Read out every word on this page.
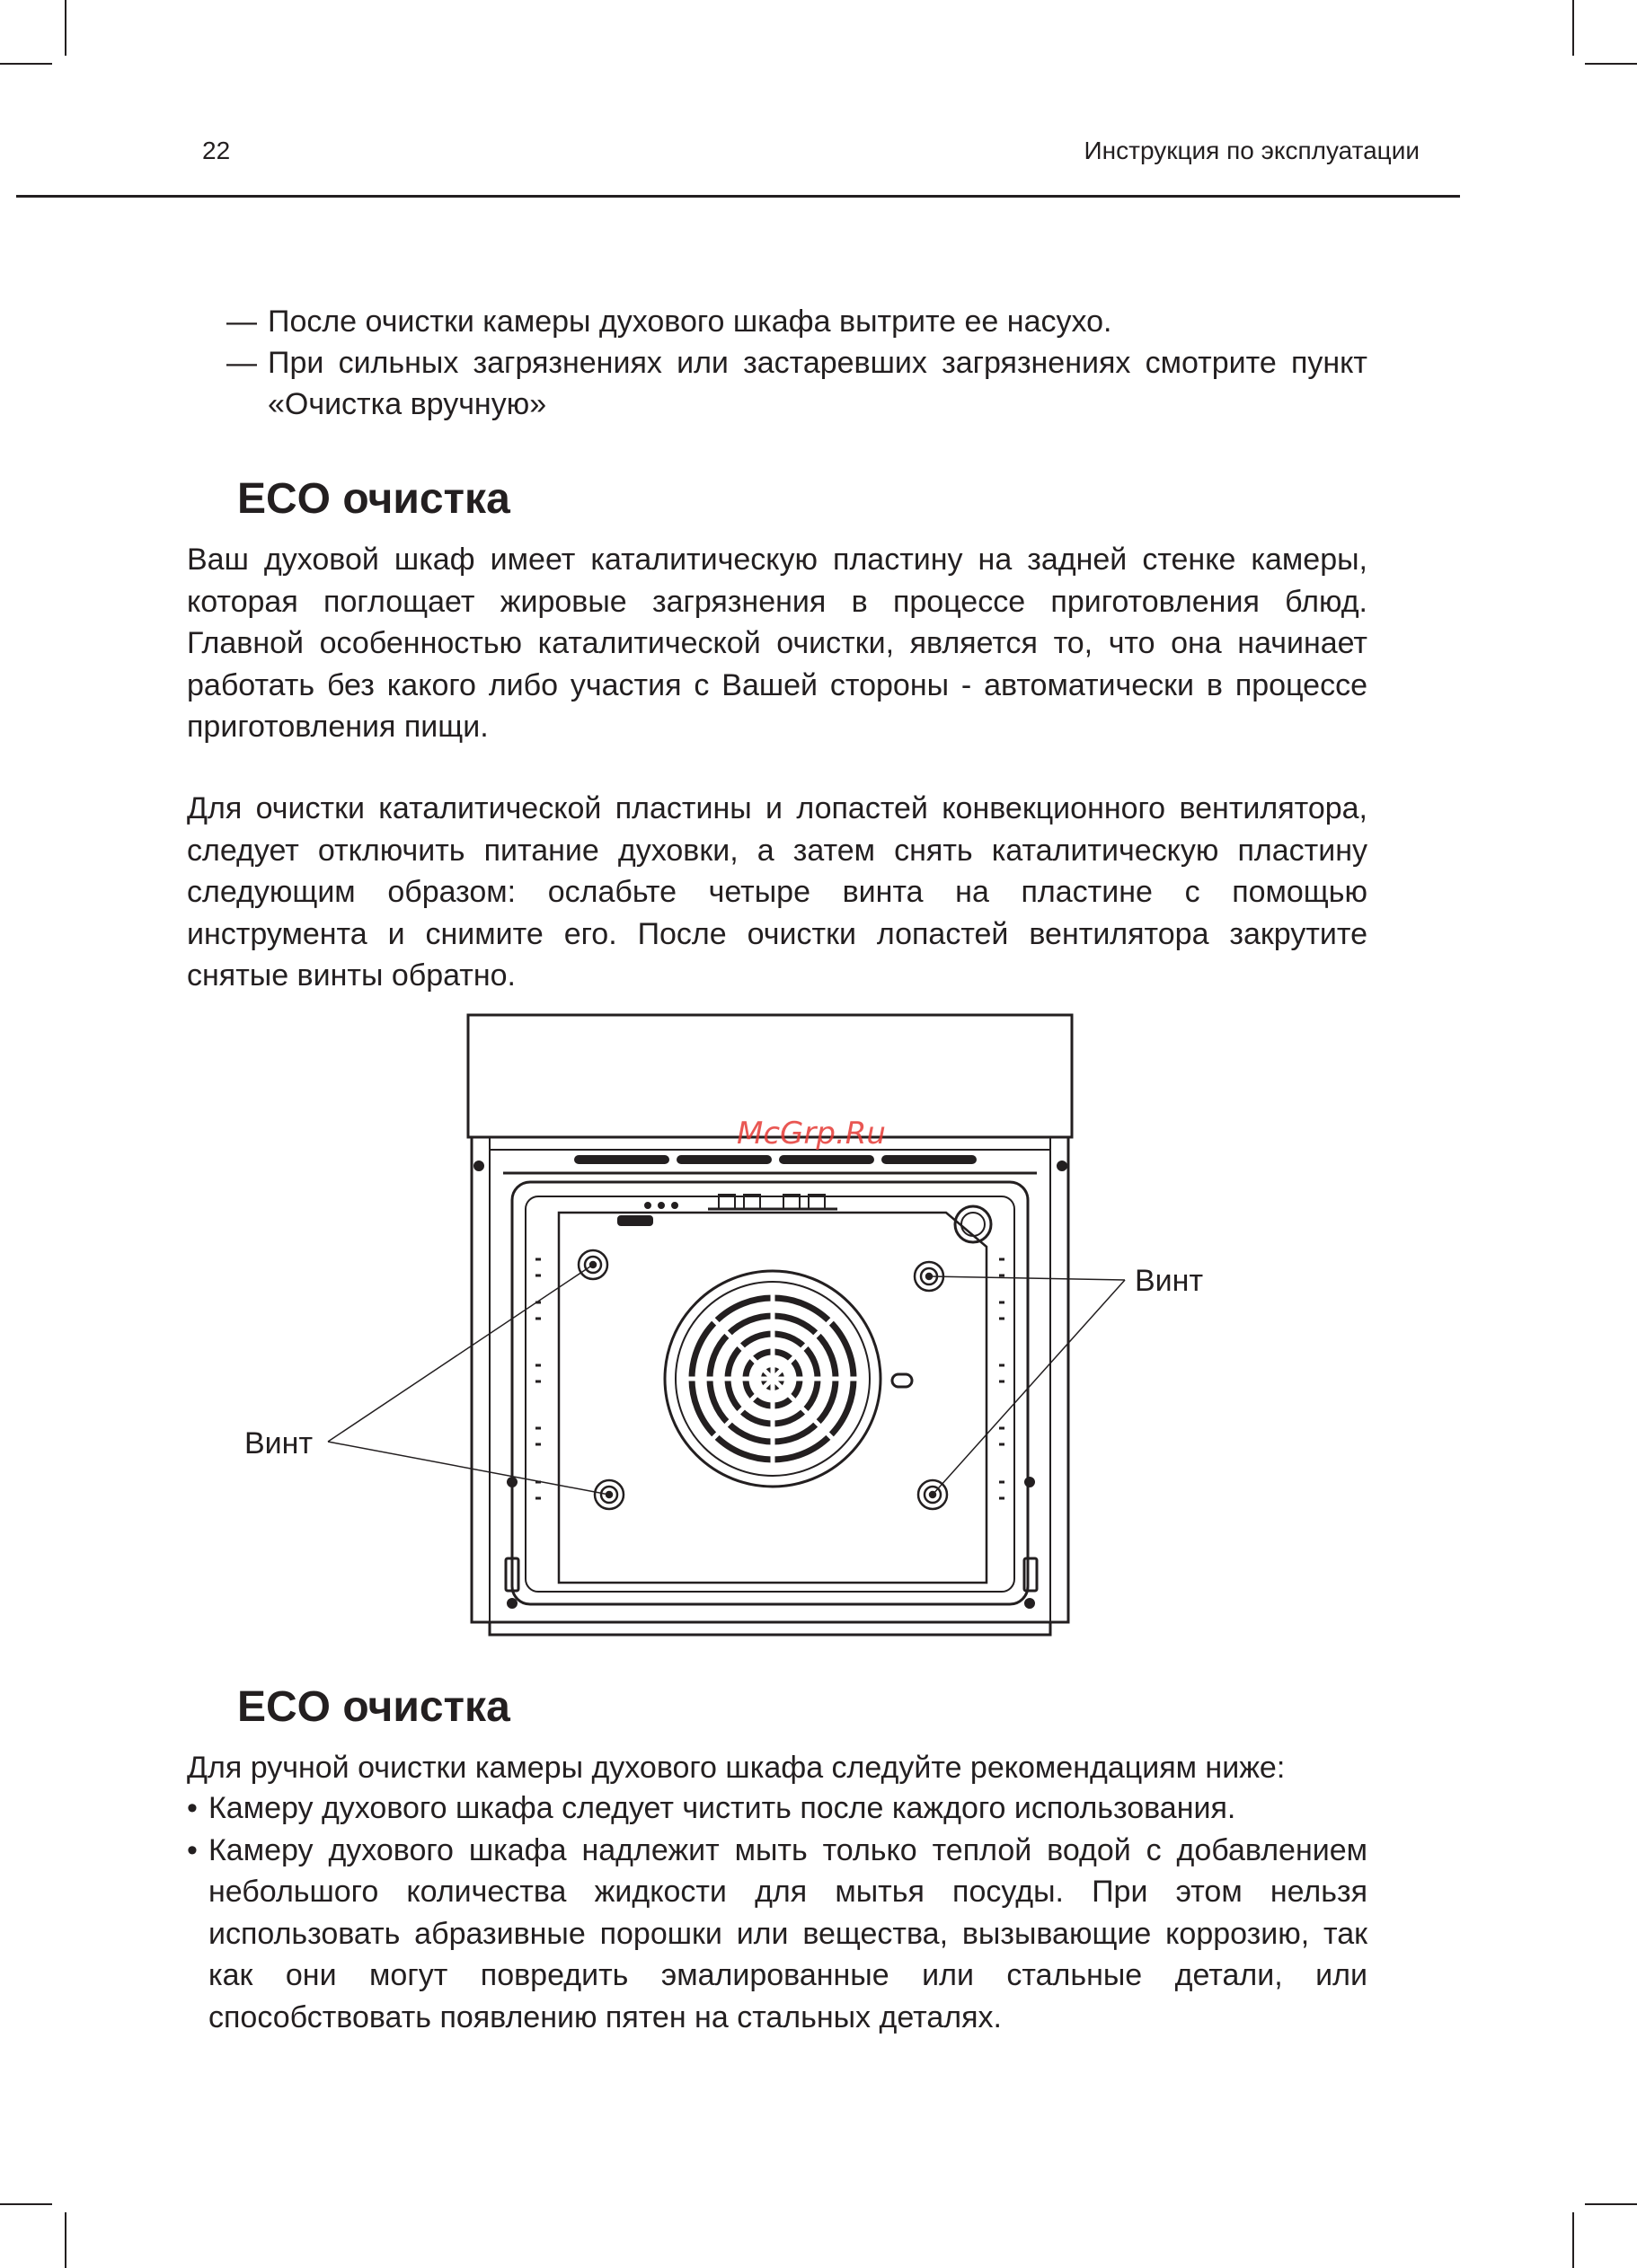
22	Инструкция по эксплуатации
— После очистки камеры духового шкафа вытрите ее насухо.
— При сильных загрязнениях или застаревших загрязнениях смотрите пункт «Очистка вручную»
ECO очистка

Ваш духовой шкаф имеет каталитическую пластину на задней стенке камеры, которая поглощает жировые загрязнения в процессе приготовления блюд. Главной особенностью каталитической очистки, является то, что она начинает работать без какого либо участия с Вашей стороны - автоматически в процессе приготовления пищи.

Для очистки каталитической пластины и лопастей конвекционного вентилятора, следует отключить питание духовки, а затем снять каталитическую пластину следующим образом: ослабьте четыре винта на пластине с помощью инструмента и снимите его. После очистки лопастей вентилятора закрутите снятые винты обратно.

Винт
Винт
McGrp.Ru
ECO очистка

Для ручной очистки камеры духового шкафа следуйте рекомендациям ниже:

• Камеру духового шкафа следует чистить после каждого использования.
• Камеру духового шкафа надлежит мыть только теплой водой с добавлением небольшого количества жидкости для мытья посуды. При этом нельзя использовать абразивные порошки или вещества, вызывающие коррозию, так как они могут повредить эмалированные или стальные детали, или способствовать появлению пятен на стальных деталях.
